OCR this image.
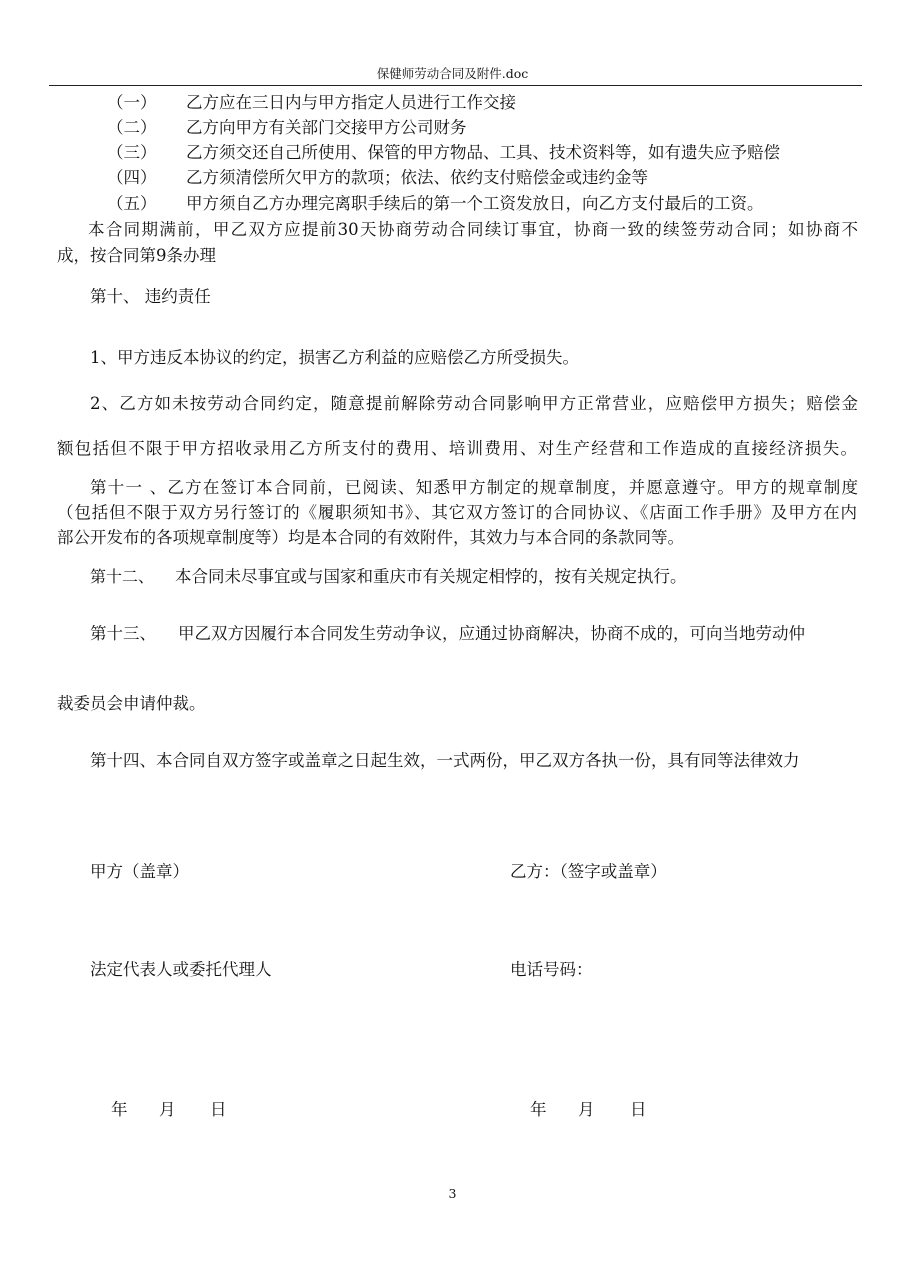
保健师劳动合同及附件.doc
（一） 乙方应在三日内与甲方指定人员进行工作交接
（二） 乙方向甲方有关部门交接甲方公司财务
（三） 乙方须交还自己所使用、保管的甲方物品、工具、技术资料等，如有遗失应予赔偿
（四） 乙方须清偿所欠甲方的款项；依法、依约支付赔偿金或违约金等
（五） 甲方须自乙方办理完离职手续后的第一个工资发放日，向乙方支付最后的工资。
本合同期满前，甲乙双方应提前30天协商劳动合同续订事宜，协商一致的续签劳动合同；如协商不
成，按合同第9条办理
第十、 违约责任
1、甲方违反本协议的约定，损害乙方利益的应赔偿乙方所受损失。
2、乙方如未按劳动合同约定，随意提前解除劳动合同影响甲方正常营业，应赔偿甲方损失；赔偿金
额包括但不限于甲方招收录用乙方所支付的费用、培训费用、对生产经营和工作造成的直接经济损失。
第十一 、乙方在签订本合同前，已阅读、知悉甲方制定的规章制度，并愿意遵守。甲方的规章制度
（包括但不限于双方另行签订的《履职须知书》、其它双方签订的合同协议、《店面工作手册》及甲方在内
部公开发布的各项规章制度等）均是本合同的有效附件，其效力与本合同的条款同等。
第十二、 本合同未尽事宜或与国家和重庆市有关规定相悖的，按有关规定执行。
第十三、 甲乙双方因履行本合同发生劳动争议，应通过协商解决，协商不成的，可向当地劳动仲
裁委员会申请仲裁。
第十四、本合同自双方签字或盖章之日起生效，一式两份，甲乙双方各执一份，具有同等法律效力
甲方（盖章）	乙方：（签字或盖章）
法定代表人或委托代理人	电话号码：
年 月 日	年 月 日
3
